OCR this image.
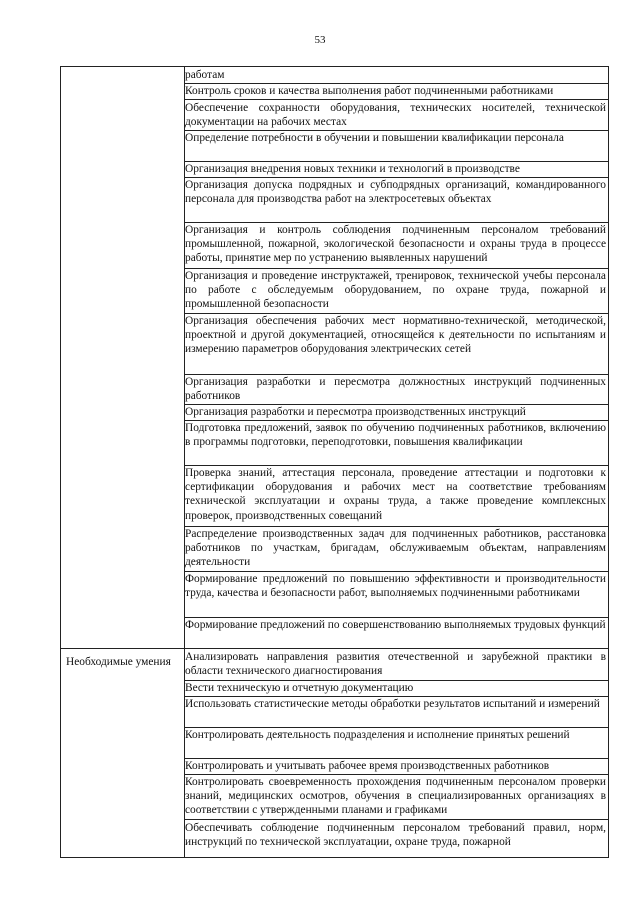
53
Необходимые умения
работам
Контроль сроков и качества выполнения работ подчиненными работниками
Обеспечение сохранности оборудования, технических носителей, технической документации на рабочих местах
Определение потребности в обучении и повышении квалификации персонала
Организация внедрения новых техники и технологий в производстве
Организация допуска подрядных и субподрядных организаций, командированного персонала для производства работ на электросетевых объектах
Организация и контроль соблюдения подчиненным персоналом требований промышленной, пожарной, экологической безопасности и охраны труда в процессе работы, принятие мер по устранению выявленных нарушений
Организация и проведение инструктажей, тренировок, технической учебы персонала по работе с обследуемым оборудованием, по охране труда, пожарной и промышленной безопасности
Организация обеспечения рабочих мест нормативно-технической, методической, проектной и другой документацией, относящейся к деятельности по испытаниям и измерению параметров оборудования электрических сетей
Организация разработки и пересмотра должностных инструкций подчиненных работников
Организация разработки и пересмотра производственных инструкций
Подготовка предложений, заявок по обучению подчиненных работников, включению в программы подготовки, переподготовки, повышения квалификации
Проверка знаний, аттестация персонала, проведение аттестации и подготовки к сертификации оборудования и рабочих мест на соответствие требованиям технической эксплуатации и охраны труда, а также проведение комплексных проверок, производственных совещаний
Распределение производственных задач для подчиненных работников, расстановка работников по участкам, бригадам, обслуживаемым объектам, направлениям деятельности
Формирование предложений по повышению эффективности и производительности труда, качества и безопасности работ, выполняемых подчиненными работниками
Формирование предложений по совершенствованию выполняемых трудовых функций
Анализировать направления развития отечественной и зарубежной практики в области технического диагностирования
Вести техническую и отчетную документацию
Использовать статистические методы обработки результатов испытаний и измерений
Контролировать деятельность подразделения и исполнение принятых решений
Контролировать и учитывать рабочее время производственных работников
Контролировать своевременность прохождения подчиненным персоналом проверки знаний, медицинских осмотров, обучения в специализированных организациях в соответствии с утвержденными планами и графиками
Обеспечивать соблюдение подчиненным персоналом требований правил, норм, инструкций по технической эксплуатации, охране труда, пожарной
